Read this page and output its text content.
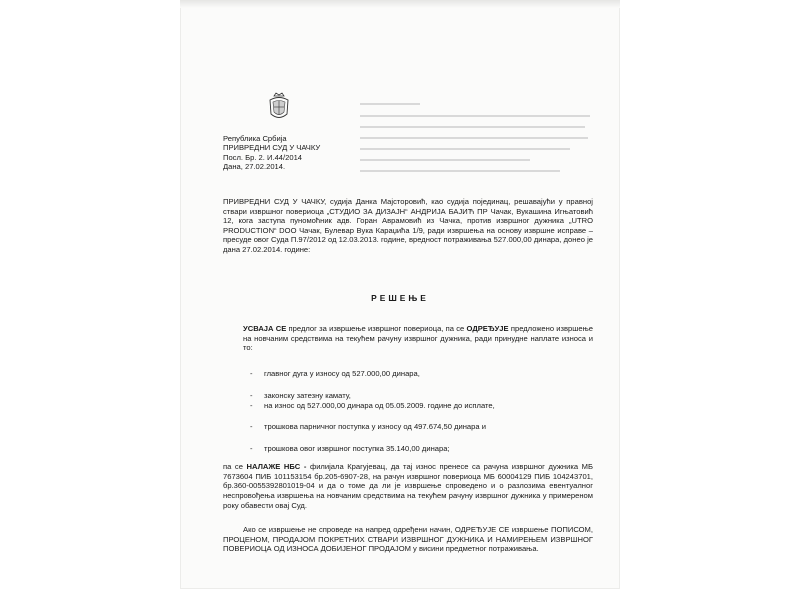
Република Србија
ПРИВРЕДНИ СУД У ЧАЧКУ
Посл. Бр. 2. И.44/2014
Дана, 27.02.2014.
ПРИВРЕДНИ СУД У ЧАЧКУ, судија Данка Мајсторовић, као судија појединац, решавајући у правној ствари извршног повериоца „СТУДИО ЗА ДИЗАЈН“ АНДРИЈА БАЈИЋ ПР Чачак, Вукашина Игњатовић 12, кога заступа пуномоћник адв. Горан Аврамовић из Чачка, против извршног дужника „UTRO PRODUCTION“ DOO Чачак, Булевар Вука Караџића 1/9, ради извршења на основу извршне исправе – пресуде овог Суда П.97/2012 од 12.03.2013. године, вредност потраживања 527.000,00 динара, донео је дана 27.02.2014. године:
РЕШЕЊЕ
УСВАЈА СЕ предлог за извршење извршног повериоца, па се ОДРЕЂУЈЕ предложено извршење на новчаним средствима на текућем рачуну извршног дужника, ради принудне наплате износа и то:
- главног дуга у износу од 527.000,00 динара,
- законску затезну камату,
- на износ од 527.000,00 динара од 05.05.2009. године до исплате,
- трошкова парничног поступка у износу од 497.674,50 динара и
- трошкова овог извршног поступка 35.140,00 динара;
па се НАЛАЖЕ НБС - филијала Крагујевац, да тај износ пренесе са рачуна извршног дужника МБ 7673604 ПИБ 101153154 бр.205-6907-28, на рачун извршног повериоца МБ 60004129 ПИБ 104243701, бр.360-0055392801019-04 и да о томе да ли је извршење спроведено и о разлозима евентуалног неспровођења извршења на новчаним средствима на текућем рачуну извршног дужника у примереном року обавести овај Суд.
Ако се извршење не спроведе на напред одређени начин, ОДРЕЂУЈЕ СЕ извршење ПОПИСОМ, ПРОЦЕНОМ, ПРОДАЈОМ ПОКРЕТНИХ СТВАРИ ИЗВРШНОГ ДУЖНИКА И НАМИРЕЊЕМ ИЗВРШНОГ ПОВЕРИОЦА ОД ИЗНОСА ДОБИЈЕНОГ ПРОДАЈОМ у висини предметног потраживања.
